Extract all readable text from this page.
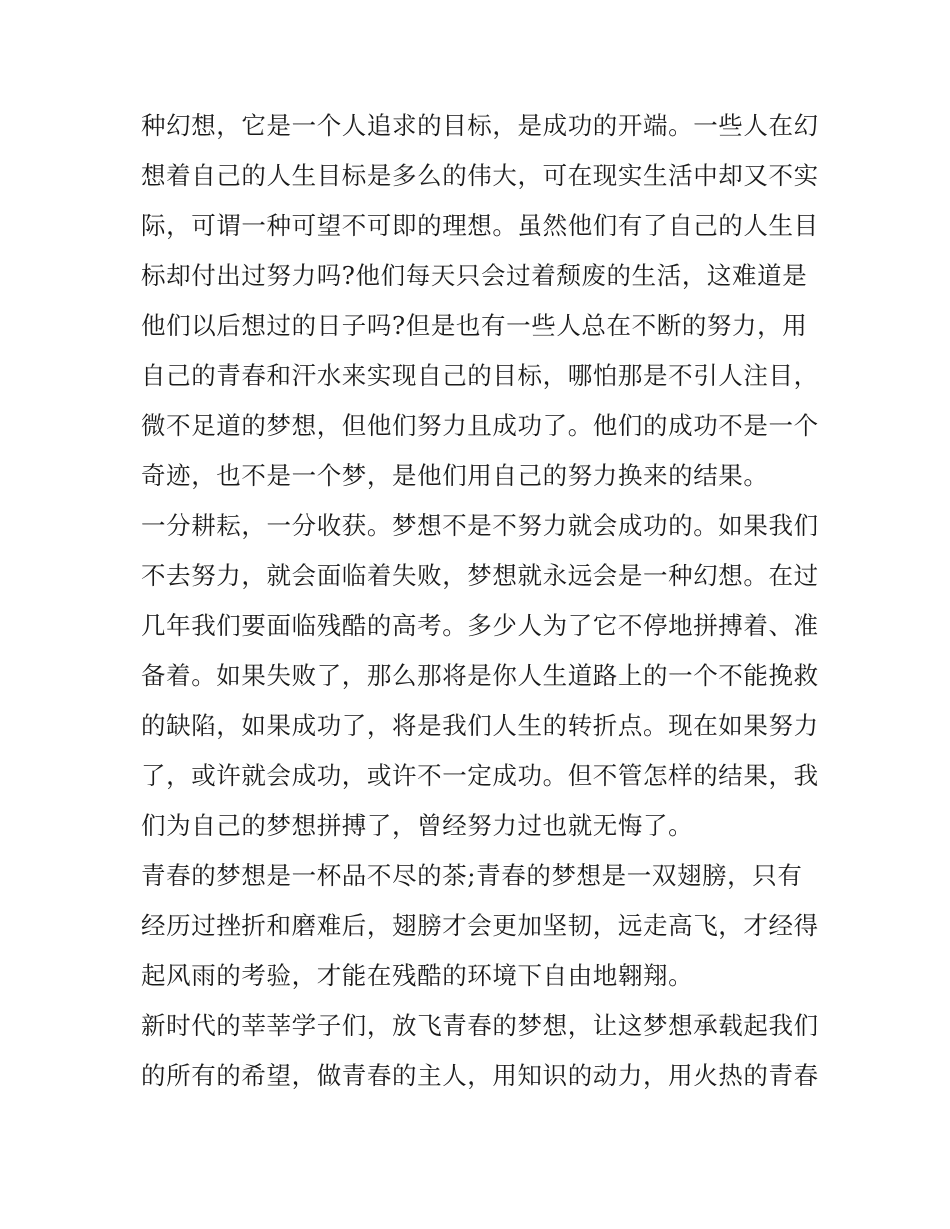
种幻想，它是一个人追求的目标，是成功的开端。一些人在幻
想着自己的人生目标是多么的伟大，可在现实生活中却又不实
际，可谓一种可望不可即的理想。虽然他们有了自己的人生目
标却付出过努力吗?他们每天只会过着颓废的生活，这难道是
他们以后想过的日子吗?但是也有一些人总在不断的努力，用
自己的青春和汗水来实现自己的目标，哪怕那是不引人注目，
微不足道的梦想，但他们努力且成功了。他们的成功不是一个
奇迹，也不是一个梦，是他们用自己的努力换来的结果。
一分耕耘，一分收获。梦想不是不努力就会成功的。如果我们
不去努力，就会面临着失败，梦想就永远会是一种幻想。在过
几年我们要面临残酷的高考。多少人为了它不停地拼搏着、准
备着。如果失败了，那么那将是你人生道路上的一个不能挽救
的缺陷，如果成功了，将是我们人生的转折点。现在如果努力
了，或许就会成功，或许不一定成功。但不管怎样的结果，我
们为自己的梦想拼搏了，曾经努力过也就无悔了。
青春的梦想是一杯品不尽的茶;青春的梦想是一双翅膀，只有
经历过挫折和磨难后，翅膀才会更加坚韧，远走高飞，才经得
起风雨的考验，才能在残酷的环境下自由地翱翔。
新时代的莘莘学子们，放飞青春的梦想，让这梦想承载起我们
的所有的希望，做青春的主人，用知识的动力，用火热的青春
